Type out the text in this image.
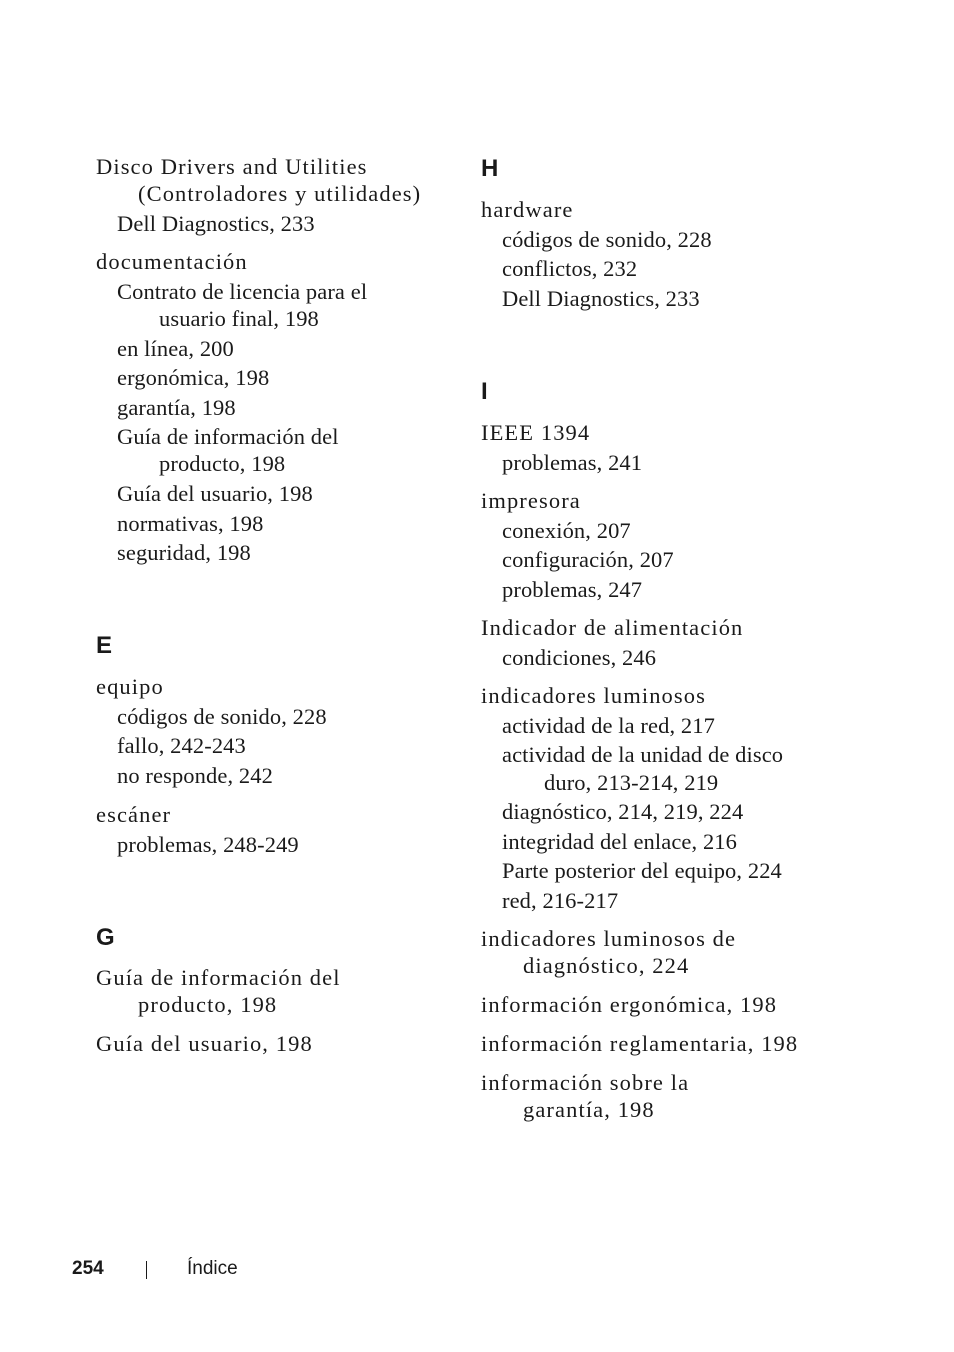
Disco Drivers and Utilities
(Controladores y utilidades)
Dell Diagnostics, 233
documentación
Contrato de licencia para el
usuario final, 198
en línea, 200
ergonómica, 198
garantía, 198
Guía de información del
producto, 198
Guía del usuario, 198
normativas, 198
seguridad, 198
E
equipo
códigos de sonido, 228
fallo, 242-243
no responde, 242
escáner
problemas, 248-249
G
Guía de información del
producto, 198
Guía del usuario, 198
H
hardware
códigos de sonido, 228
conflictos, 232
Dell Diagnostics, 233
I
IEEE 1394
problemas, 241
impresora
conexión, 207
configuración, 207
problemas, 247
Indicador de alimentación
condiciones, 246
indicadores luminosos
actividad de la red, 217
actividad de la unidad de disco
duro, 213-214, 219
diagnóstico, 214, 219, 224
integridad del enlace, 216
Parte posterior del equipo, 224
red, 216-217
indicadores luminosos de
diagnóstico, 224
información ergonómica, 198
información reglamentaria, 198
información sobre la
garantía, 198
254	Índice
